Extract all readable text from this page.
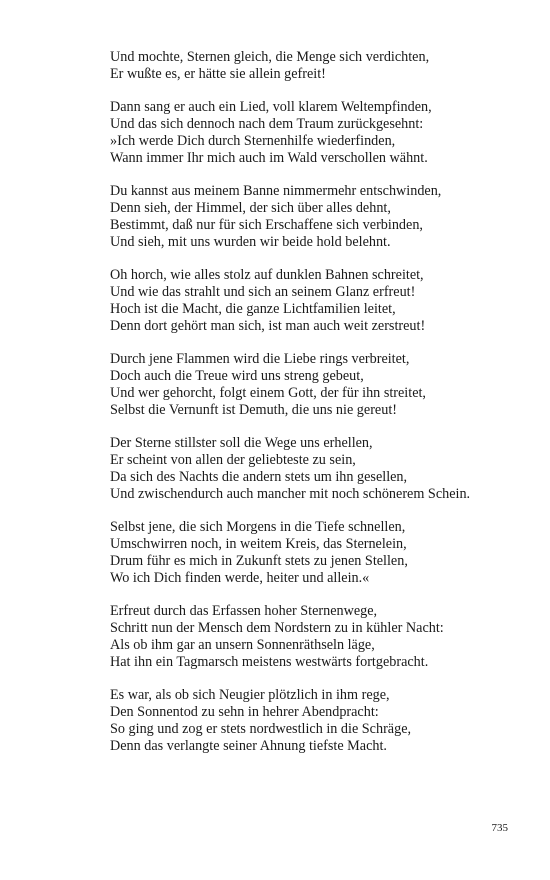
Und mochte, Sternen gleich, die Menge sich verdichten,
Er wußte es, er hätte sie allein gefreit!
Dann sang er auch ein Lied, voll klarem Weltempfinden,
Und das sich dennoch nach dem Traum zurückgesehnt:
»Ich werde Dich durch Sternenhilfe wiederfinden,
Wann immer Ihr mich auch im Wald verschollen wähnt.
Du kannst aus meinem Banne nimmermehr entschwinden,
Denn sieh, der Himmel, der sich über alles dehnt,
Bestimmt, daß nur für sich Erschaffene sich verbinden,
Und sieh, mit uns wurden wir beide hold belehnt.
Oh horch, wie alles stolz auf dunklen Bahnen schreitet,
Und wie das strahlt und sich an seinem Glanz erfreut!
Hoch ist die Macht, die ganze Lichtfamilien leitet,
Denn dort gehört man sich, ist man auch weit zerstreut!
Durch jene Flammen wird die Liebe rings verbreitet,
Doch auch die Treue wird uns streng gebeut,
Und wer gehorcht, folgt einem Gott, der für ihn streitet,
Selbst die Vernunft ist Demuth, die uns nie gereut!
Der Sterne stillster soll die Wege uns erhellen,
Er scheint von allen der geliebteste zu sein,
Da sich des Nachts die andern stets um ihn gesellen,
Und zwischendurch auch mancher mit noch schönerem Schein.
Selbst jene, die sich Morgens in die Tiefe schnellen,
Umschwirren noch, in weitem Kreis, das Sternelein,
Drum führ es mich in Zukunft stets zu jenen Stellen,
Wo ich Dich finden werde, heiter und allein.«
Erfreut durch das Erfassen hoher Sternenwege,
Schritt nun der Mensch dem Nordstern zu in kühler Nacht:
Als ob ihm gar an unsern Sonnenräthseln läge,
Hat ihn ein Tagmarsch meistens westwärts fortgebracht.
Es war, als ob sich Neugier plötzlich in ihm rege,
Den Sonnentod zu sehn in hehrer Abendpracht:
So ging und zog er stets nordwestlich in die Schräge,
Denn das verlangte seiner Ahnung tiefste Macht.
735
